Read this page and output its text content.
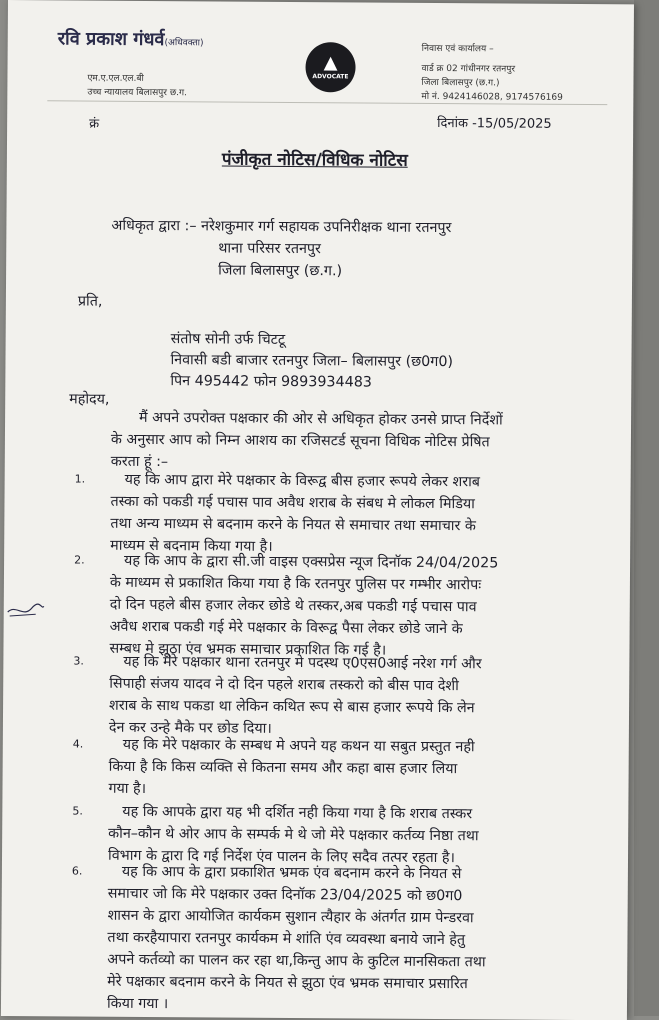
रवि प्रकाश गंधर्व(अधिवक्ता)
एम.ए.एल.एल.बी
उच्च न्यायालय बिलासपुर छ.ग.
▲
ADVOCATE
निवास एवं कार्यालय –
वार्ड क्र 02 गांधीनगर रतनपुर
जिला बिलासपुर (छ.ग.)
मो नं. 9424146028, 9174576169
क्रं	दिनांक -15/05/2025
पंजीकृत नोटिस/विधिक नोटिस
अधिकृत द्वारा :– नरेशकुमार गर्ग सहायक उपनिरीक्षक थाना रतनपुर
थाना परिसर रतनपुर
जिला बिलासपुर (छ.ग.)
प्रति,
संतोष सोनी उर्फ चिटटू
निवासी बडी बाजार रतनपुर जिला– बिलासपुर (छ0ग0)
पिन 495442 फोन 9893934483
महोदय,
मैं अपने उपरोक्त पक्षकार की ओर से अधिकृत होकर उनसे प्राप्त निर्देशों
के अनुसार आप को निम्न आशय का रजिसटर्ड सूचना विधिक नोटिस प्रेषित
करता हूं :–
1.	यह कि आप द्वारा मेरे पक्षकार के विरूद्व बीस हजार रूपये लेकर शराब
तस्का को पकडी गई पचास पाव अवैध शराब के संबध मे लोकल मिडिया
तथा अन्य माध्यम से बदनाम करने के नियत से समाचार तथा समाचार के
माध्यम से बदनाम किया गया है।
2.	यह कि आप के द्वारा सी.जी वाइस एक्सप्रेस न्यूज दिनॉक 24/04/2025
के माध्यम से प्रकाशित किया गया है कि रतनपुर पुलिस पर गम्भीर आरोपः
दो दिन पहले बीस हजार लेकर छोडे थे तस्कर,अब पकडी गई पचास पाव
अवैध शराब पकडी गई मेरे पक्षकार के विरूद्व पैसा लेकर छोडे जाने के
सम्बध मे झूठा एंव भ्रमक समाचार प्रकाशित कि गई है।
3.	यह कि मेरे पक्षकार थाना रतनपुर मे पदस्थ ए0एस0आई नरेश गर्ग और
सिपाही संजय यादव ने दो दिन पहले शराब तस्करो को बीस पाव देशी
शराब के साथ पकडा था लेकिन कथित रूप से बास हजार रूपये कि लेन
देन कर उन्हे मैके पर छोड दिया।
4.	यह कि मेरे पक्षकार के सम्बध मे अपने यह कथन या सबुत प्रस्तुत नही
किया है कि किस व्यक्ति से कितना समय और कहा बास हजार लिया
गया है।
5.	यह कि आपके द्वारा यह भी दर्शित नही किया गया है कि शराब तस्कर
कौन–कौन थे ओर आप के सम्पर्क मे थे जो मेरे पक्षकार कर्तव्य निष्ठा तथा
विभाग के द्वारा दि गई निर्देश एंव पालन के लिए सदैव तत्पर रहता है।
6.	यह कि आप के द्वारा प्रकाशित भ्रमक एंव बदनाम करने के नियत से
समाचार जो कि मेरे पक्षकार उक्त दिनॉक 23/04/2025 को छ0ग0
शासन के द्वारा आयोजित कार्यकम सुशान त्यैहार के अंतर्गत ग्राम पेन्डरवा
तथा करहैयापारा रतनपुर कार्यकम मे शांति एंव व्यवस्था बनाये जाने हेतु
अपने कर्तव्यो का पालन कर रहा था,किन्तु आप के कुटिल मानसिकता तथा
मेरे पक्षकार बदनाम करने के नियत से झुठा एंव भ्रमक समाचार प्रसारित
किया गया ।
